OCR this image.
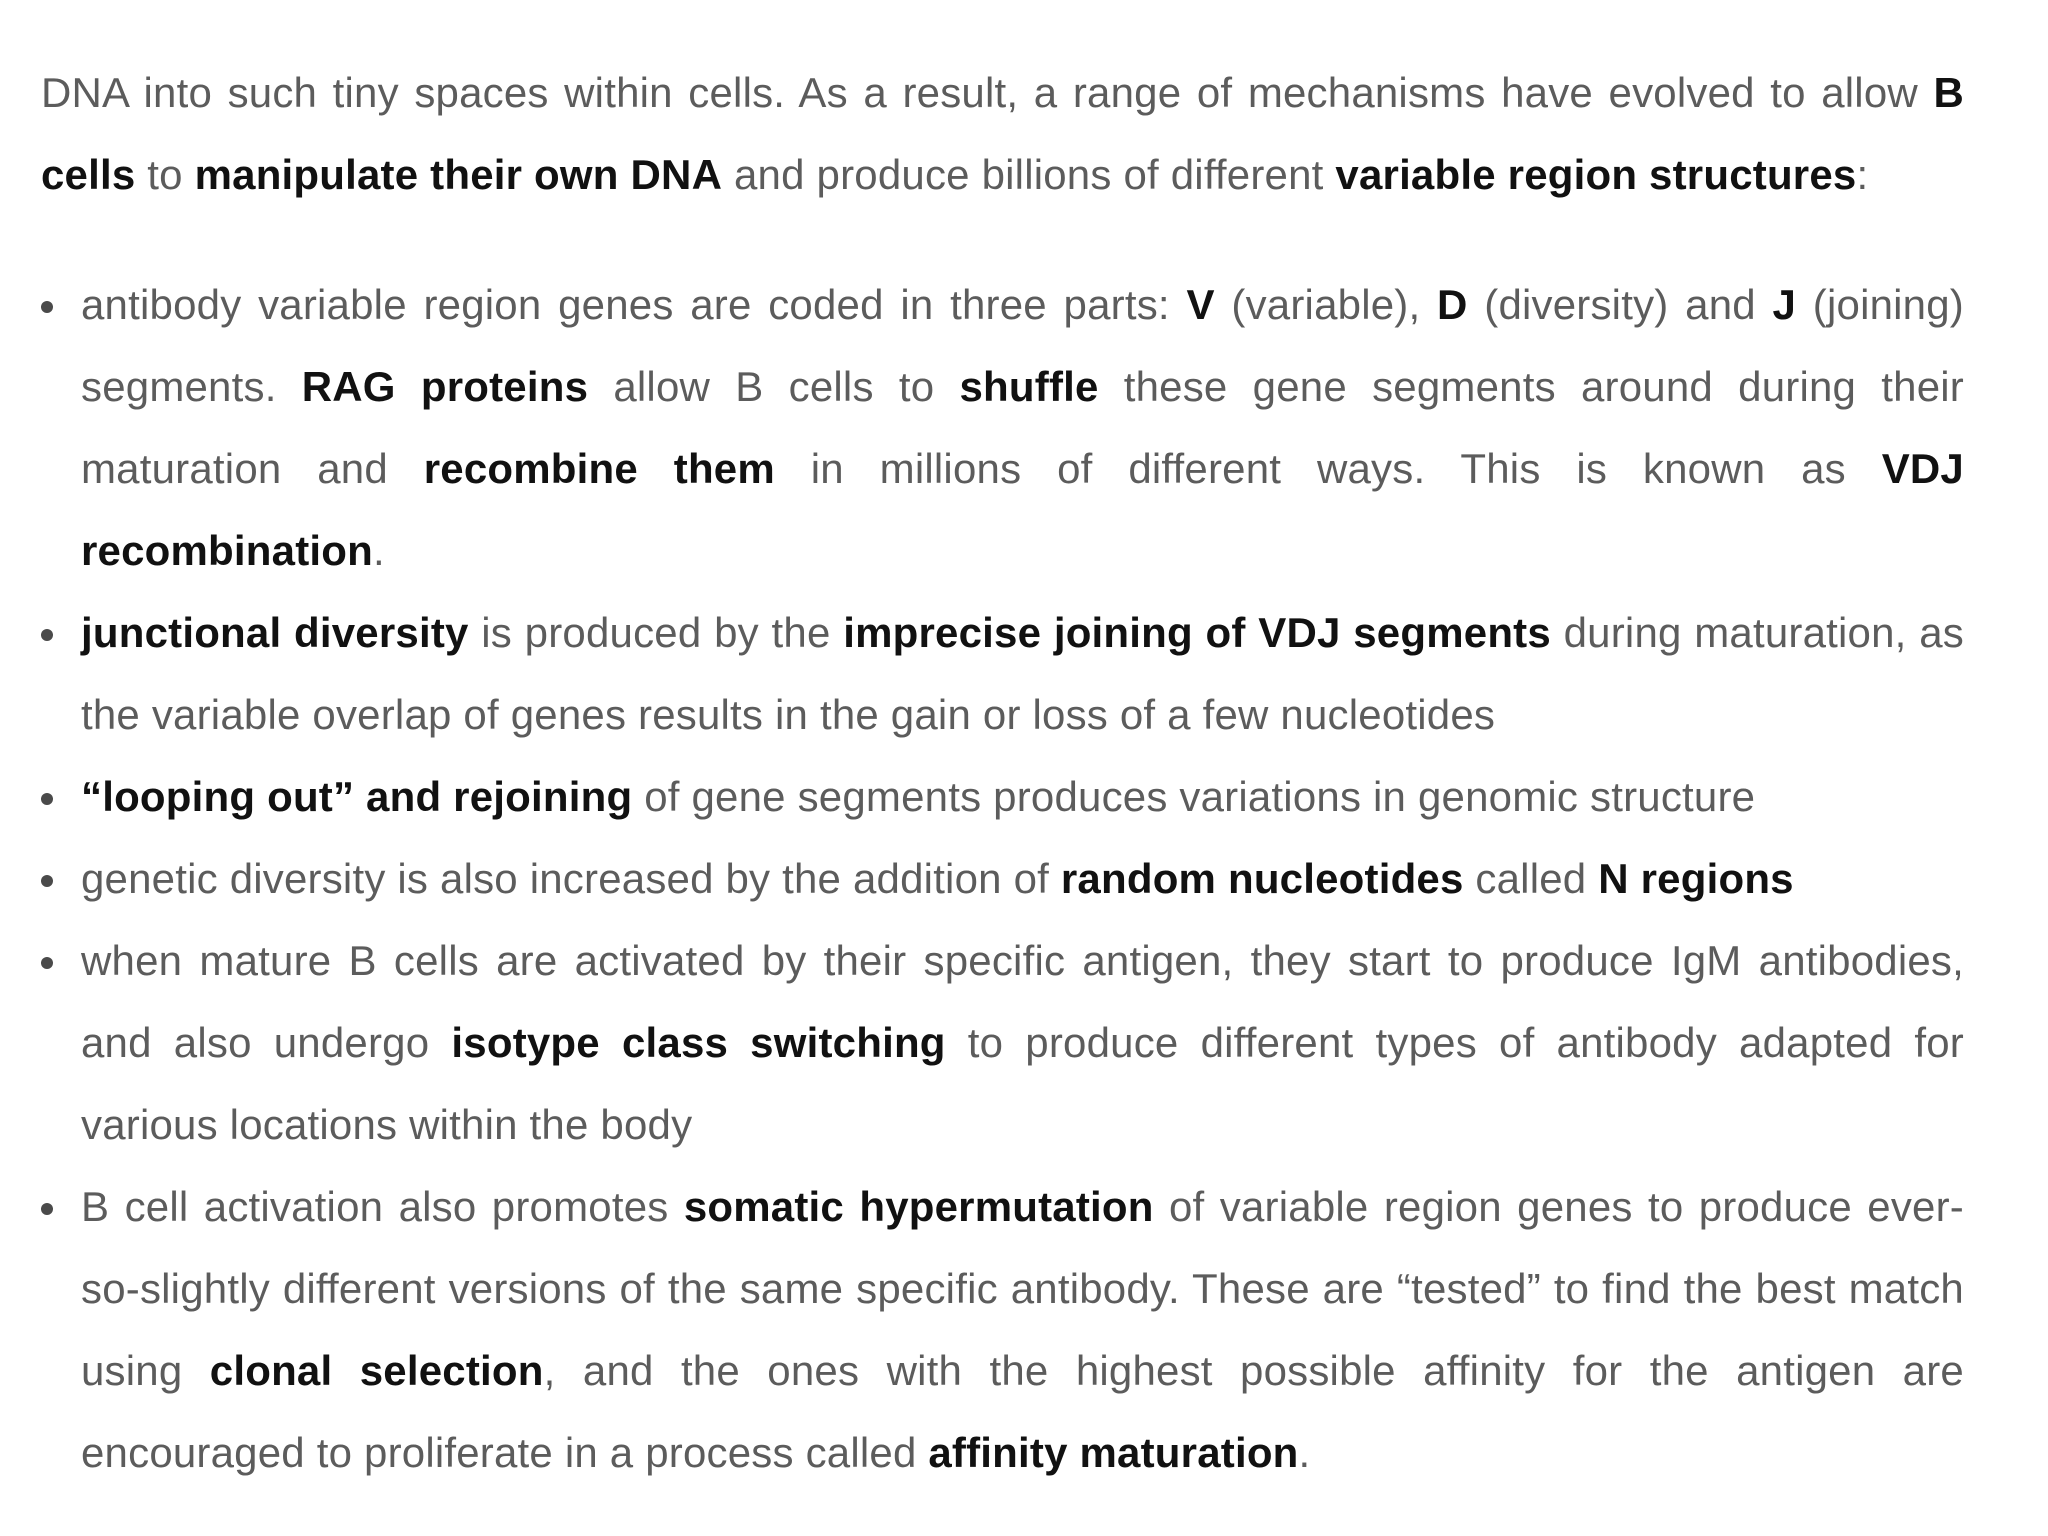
DNA into such tiny spaces within cells. As a result, a range of mechanisms have evolved to allow B cells to manipulate their own DNA and produce billions of different variable region structures:

antibody variable region genes are coded in three parts: V (variable), D (diversity) and J (joining) segments. RAG proteins allow B cells to shuffle these gene segments around during their maturation and recombine them in millions of different ways. This is known as VDJ recombination.
junctional diversity is produced by the imprecise joining of VDJ segments during maturation, as the variable overlap of genes results in the gain or loss of a few nucleotides
“looping out” and rejoining of gene segments produces variations in genomic structure
genetic diversity is also increased by the addition of random nucleotides called N regions
when mature B cells are activated by their specific antigen, they start to produce IgM antibodies, and also undergo isotype class switching to produce different types of antibody adapted for various locations within the body
B cell activation also promotes somatic hypermutation of variable region genes to produce ever-so-slightly different versions of the same specific antibody. These are “tested” to find the best match using clonal selection, and the ones with the highest possible affinity for the antigen are encouraged to proliferate in a process called affinity maturation.
